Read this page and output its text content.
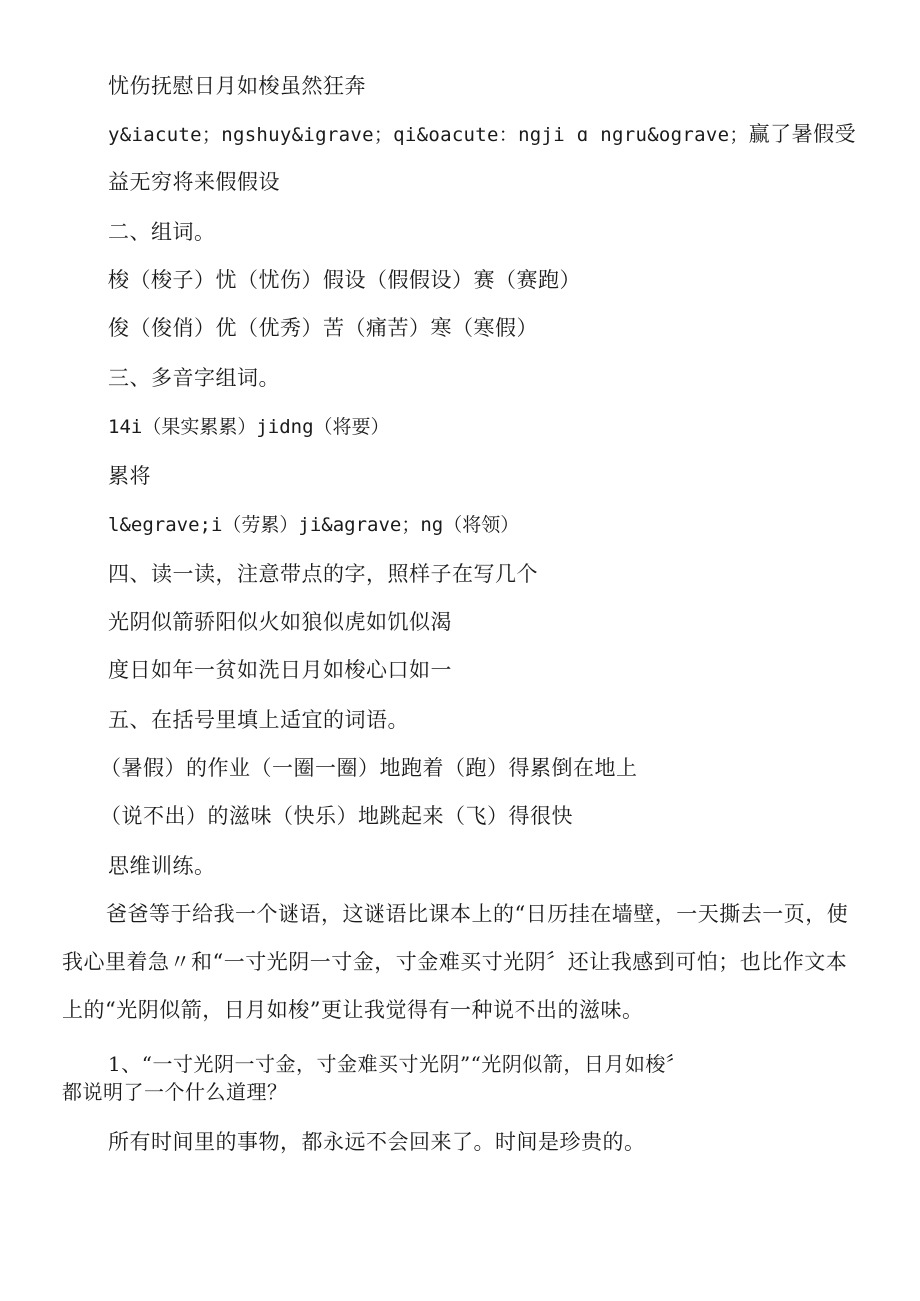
忧伤抚慰日月如梭虽然狂奔
y&iacute；ngshuy&igrave；qi&oacute：ngji ɑ ngru&ograve；赢了暑假受
益无穷将来假假设
二、组词。
梭（梭子）忧（忧伤）假设（假假设）赛（赛跑）
俊（俊俏）优（优秀）苦（痛苦）寒（寒假）
三、多音字组词。
14i（果实累累）jidng（将要）
累将
l&egrave;i（劳累）ji&agrave；ng（将领）
四、读一读，注意带点的字，照样子在写几个
光阴似箭骄阳似火如狼似虎如饥似渴
度日如年一贫如洗日月如梭心口如一
五、在括号里填上适宜的词语。
（暑假）的作业（一圈一圈）地跑着（跑）得累倒在地上
（说不出）的滋味（快乐）地跳起来（飞）得很快
思维训练。
爸爸等于给我一个谜语，这谜语比课本上的“日历挂在墙壁，一天撕去一页，使我心里着急〃和“一寸光阴一寸金，寸金难买寸光阴〞还让我感到可怕；也比作文本上的“光阴似箭，日月如梭”更让我觉得有一种说不出的滋味。
1、“一寸光阴一寸金，寸金难买寸光阴”“光阴似箭，日月如梭〞
都说明了一个什么道理？
所有时间里的事物，都永远不会回来了。时间是珍贵的。
